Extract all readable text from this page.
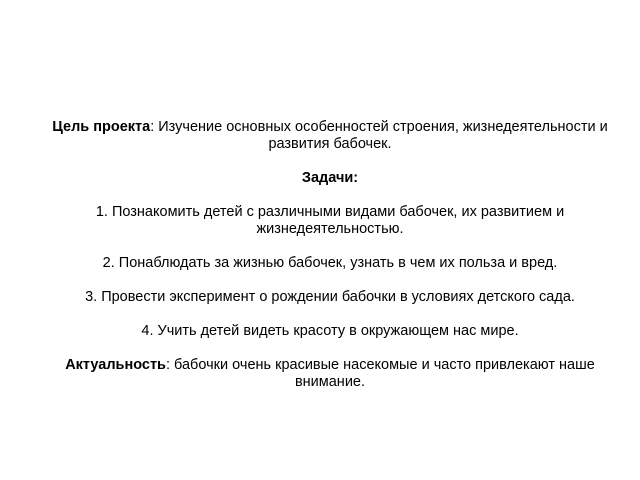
Цель проекта: Изучение основных особенностей строения, жизнедеятельности и развития бабочек.

Задачи:

1. Познакомить детей с различными видами бабочек, их развитием и жизнедеятельностью.

2. Понаблюдать за жизнью бабочек, узнать в чем их польза и вред.

3. Провести эксперимент о рождении бабочки в условиях детского сада.

4. Учить детей видеть красоту в окружающем нас мире.

Актуальность: бабочки очень красивые насекомые и часто привлекают наше внимание.
